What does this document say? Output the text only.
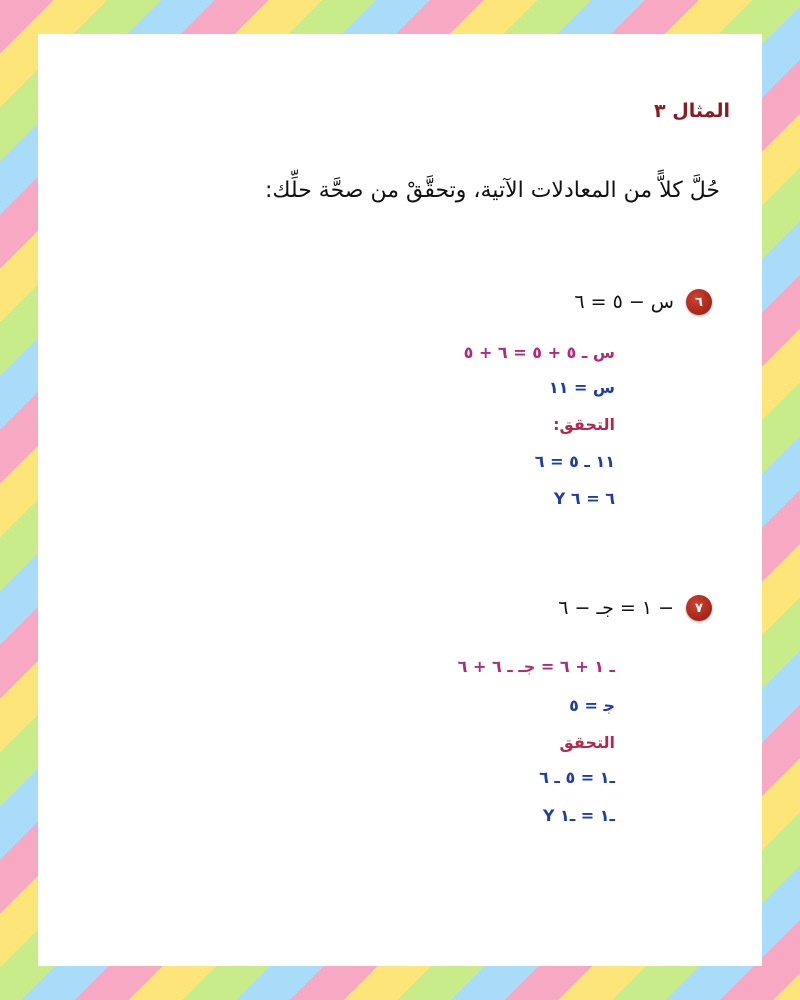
المثال ٣
حُلَّ كلاًّ من المعادلات الآتية، وتحقَّقْ من صحَّة حلِّك:
٦
س − ٥ = ٦
س ـ ٥ + ٥ = ٦ + ٥
س = ١١
التحقق:
١١ ـ ٥ = ٦
٦ = ٦ Y
٧
− ١ = جـ − ٦
ـ ١ + ٦ = جـ ـ ٦ + ٦
ﺟ = ٥
التحقق
ـ١ = ٥ ـ ٦
ـ١ = ـ١ Y
